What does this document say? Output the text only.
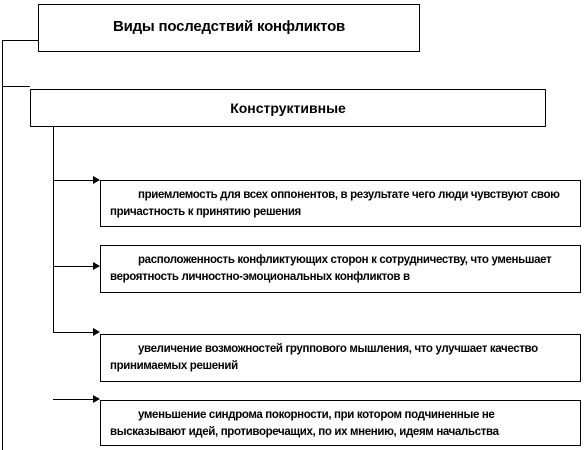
Виды последствий конфликтов
Конструктивные
приемлемость для всех оппонентов, в результате чего люди чувствуют свою причастность к принятию решения
расположенность конфликтующих сторон к сотрудничеству, что уменьшает вероятность личностно-эмоциональных конфликтов в
увеличение возможностей группового мышления, что улучшает качество принимаемых решений
уменьшение синдрома покорности, при котором подчиненные не высказывают идей, противоречащих, по их мнению, идеям начальства
